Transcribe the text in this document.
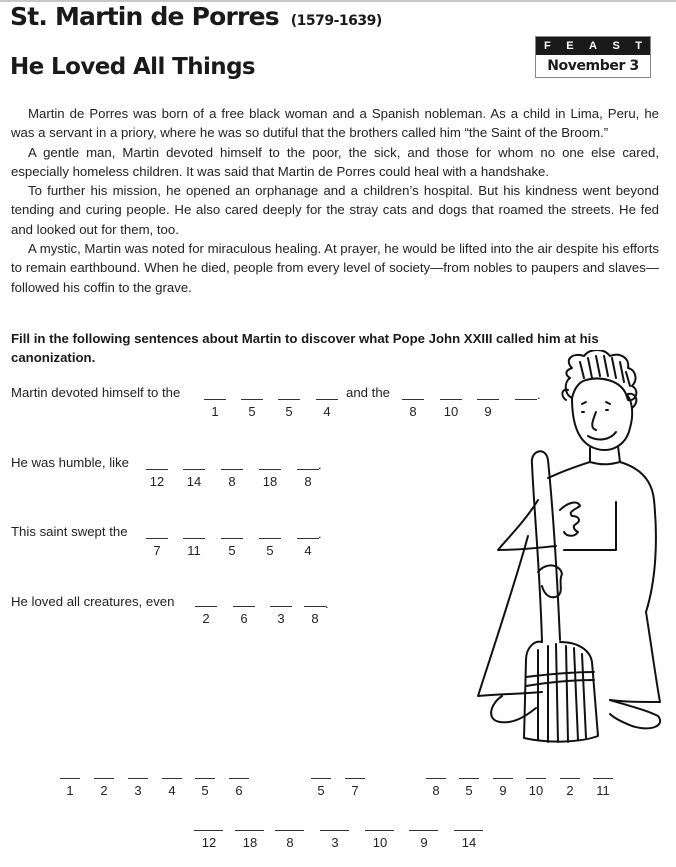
St. Martin de Porres (1579-1639)
He Loved All Things
F E A S T
November 3

Martin de Porres was born of a free black woman and a Spanish nobleman. As a child in Lima, Peru, he was a servant in a priory, where he was so dutiful that the brothers called him “the Saint of the Broom.”

A gentle man, Martin devoted himself to the poor, the sick, and those for whom no one else cared, especially homeless children. It was said that Martin de Porres could heal with a handshake.

To further his mission, he opened an orphanage and a children’s hospital. But his kindness went beyond tending and curing people. He also cared deeply for the stray cats and dogs that roamed the streets. He fed and looked out for them, too.

A mystic, Martin was noted for miraculous healing. At prayer, he would be lifted into the air despite his efforts to remain earthbound. When he died, people from every level of society—from nobles to paupers and slaves—followed his coffin to the grave.

Fill in the following sentences about Martin to discover what Pope John XXIII called him at his canonization.
Martin devoted himself to the
1	5	5	4
and the
8	10	9
.
He was humble, like
12 14	8	18	8
.
This saint swept the
7	11	5	5	4
.
He loved all creatures, even
2	6	3	8
.
1	2	3	4	5	6	5	7	8	5	9	10	2	11
12 18	8	3	10	9	14
